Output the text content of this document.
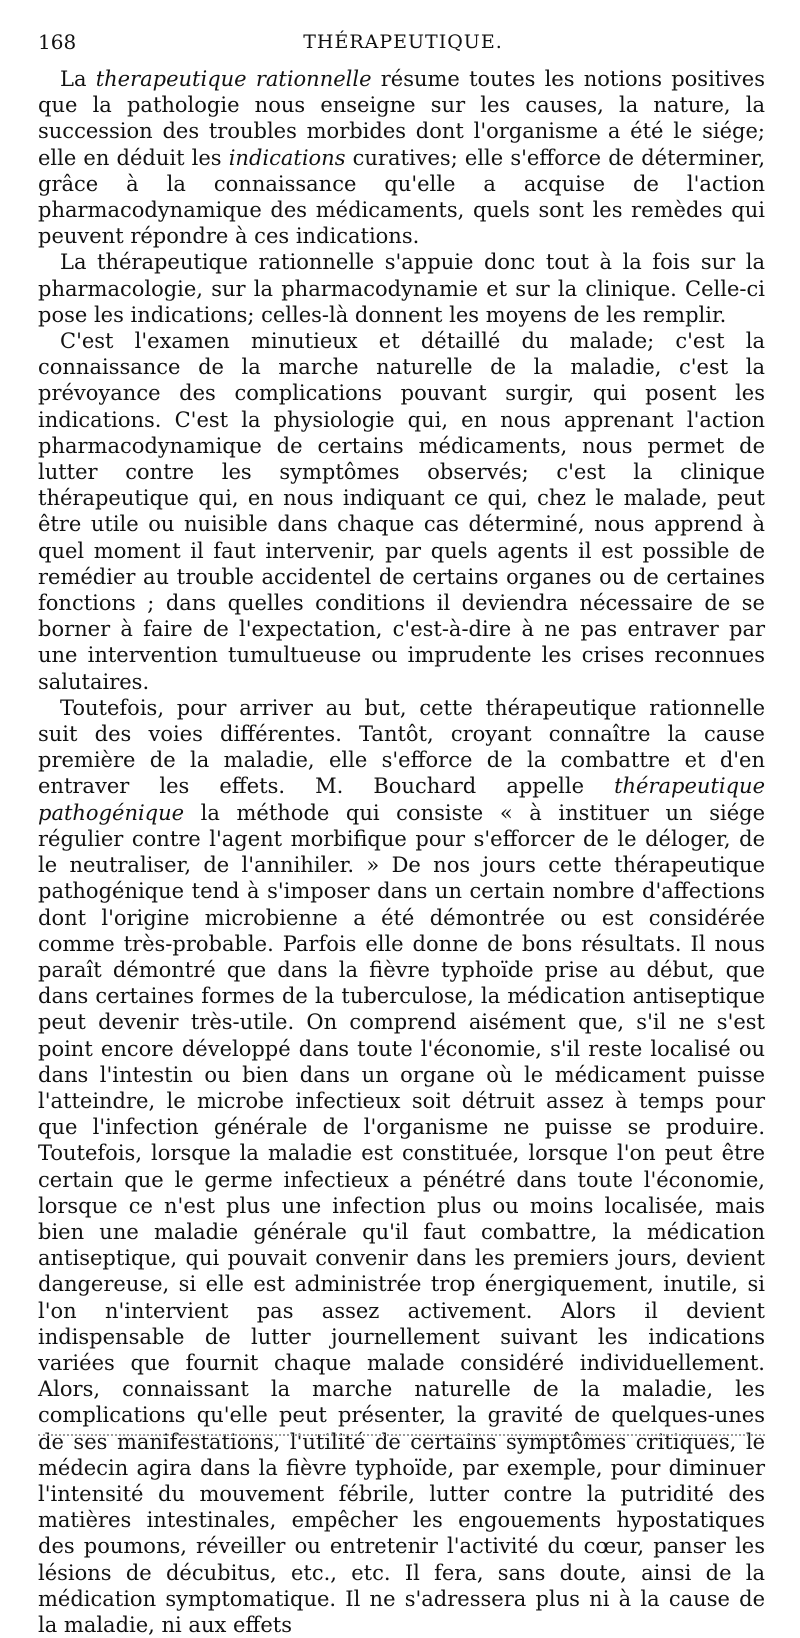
168	THÉRAPEUTIQUE.

La therapeutique rationnelle résume toutes les notions positives que la pathologie nous enseigne sur les causes, la nature, la succession des troubles morbides dont l'organisme a été le siége; elle en déduit les indications curatives; elle s'efforce de déterminer, grâce à la connaissance qu'elle a acquise de l'action pharmacodynamique des médicaments, quels sont les remèdes qui peuvent répondre à ces indications.

La thérapeutique rationnelle s'appuie donc tout à la fois sur la pharmacologie, sur la pharmacodynamie et sur la clinique. Celle-ci pose les indications; celles-là donnent les moyens de les remplir.

C'est l'examen minutieux et détaillé du malade; c'est la connaissance de la marche naturelle de la maladie, c'est la prévoyance des complications pouvant surgir, qui posent les indications. C'est la physiologie qui, en nous apprenant l'action pharmacodynamique de certains médicaments, nous permet de lutter contre les symptômes observés; c'est la clinique thérapeutique qui, en nous indiquant ce qui, chez le malade, peut être utile ou nuisible dans chaque cas déterminé, nous apprend à quel moment il faut intervenir, par quels agents il est possible de remédier au trouble accidentel de certains organes ou de certaines fonctions ; dans quelles conditions il deviendra nécessaire de se borner à faire de l'expectation, c'est-à-dire à ne pas entraver par une intervention tumultueuse ou imprudente les crises reconnues salutaires.

Toutefois, pour arriver au but, cette thérapeutique rationnelle suit des voies différentes. Tantôt, croyant connaître la cause première de la maladie, elle s'efforce de la combattre et d'en entraver les effets. M. Bouchard appelle thérapeutique pathogénique la méthode qui consiste « à instituer un siége régulier contre l'agent morbifique pour s'efforcer de le déloger, de le neutraliser, de l'annihiler. » De nos jours cette thérapeutique pathogénique tend à s'imposer dans un certain nombre d'affections dont l'origine microbienne a été démontrée ou est considérée comme très-probable. Parfois elle donne de bons résultats. Il nous paraît démontré que dans la fièvre typhoïde prise au début, que dans certaines formes de la tuberculose, la médication antiseptique peut devenir très-utile. On comprend aisément que, s'il ne s'est point encore développé dans toute l'économie, s'il reste localisé ou dans l'intestin ou bien dans un organe où le médicament puisse l'atteindre, le microbe infectieux soit détruit assez à temps pour que l'infection générale de l'organisme ne puisse se produire. Toutefois, lorsque la maladie est constituée, lorsque l'on peut être certain que le germe infectieux a pénétré dans toute l'économie, lorsque ce n'est plus une infection plus ou moins localisée, mais bien une maladie générale qu'il faut combattre, la médication antiseptique, qui pouvait convenir dans les premiers jours, devient dangereuse, si elle est administrée trop énergiquement, inutile, si l'on n'intervient pas assez activement. Alors il devient indispensable de lutter journellement suivant les indications variées que fournit chaque malade considéré individuellement. Alors, connaissant la marche naturelle de la maladie, les complications qu'elle peut présenter, la gravité de quelques-unes de ses manifestations, l'utilité de certains symptômes critiques, le médecin agira dans la fièvre typhoïde, par exemple, pour diminuer l'intensité du mouvement fébrile, lutter contre la putridité des matières intestinales, empêcher les engouements hypostatiques des poumons, réveiller ou entretenir l'activité du cœur, panser les lésions de décubitus, etc., etc. Il fera, sans doute, ainsi de la médication symptomatique. Il ne s'adressera plus ni à la cause de la maladie, ni aux effets
